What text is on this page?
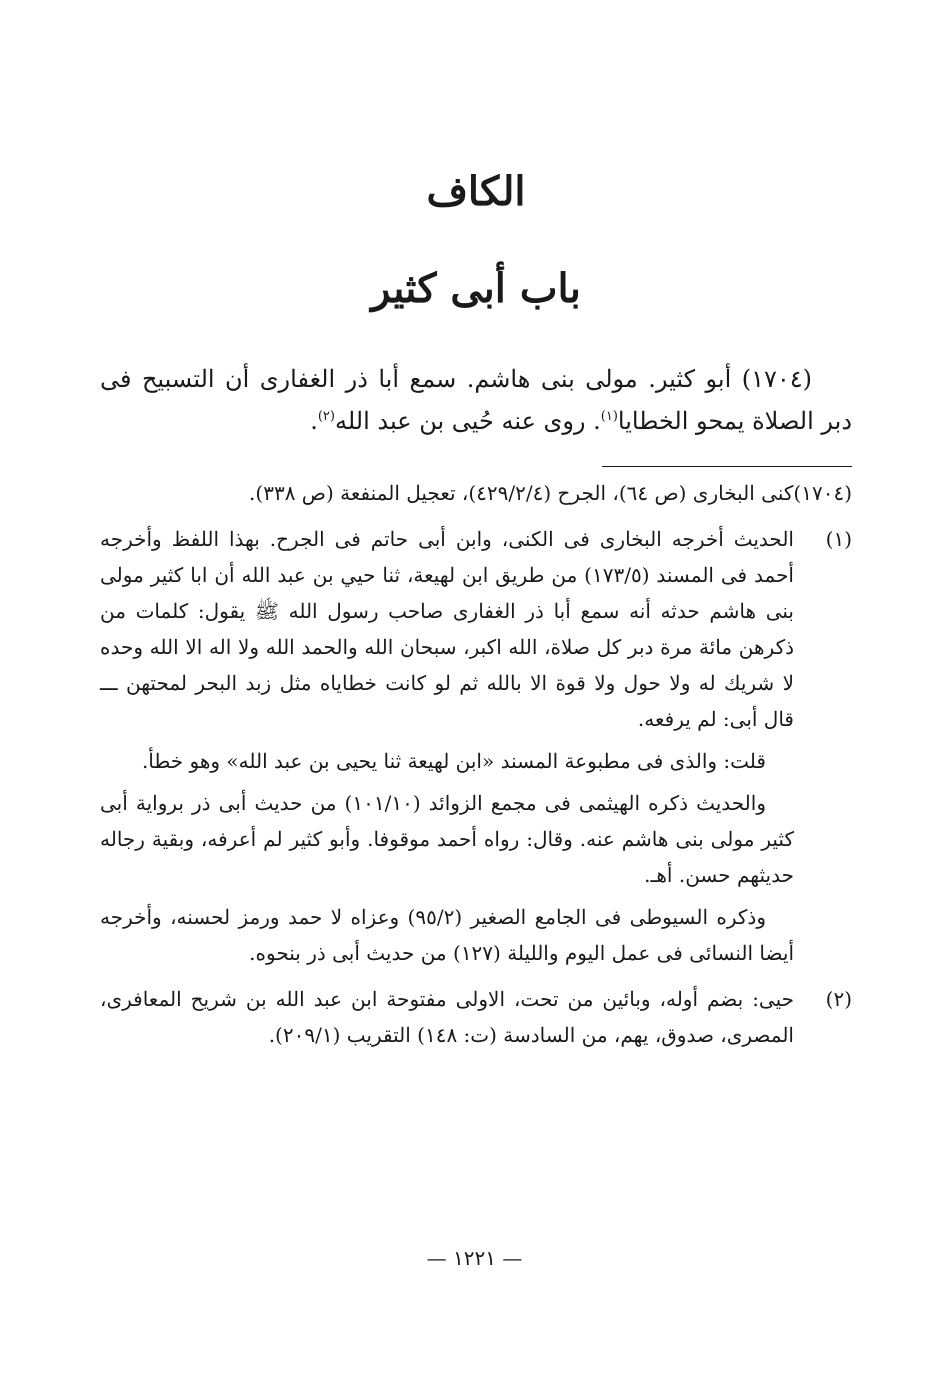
الكاف
باب أبى كثير

(١٧٠٤) أبو كثير. مولى بنى هاشم. سمع أبا ذر الغفارى أن التسبيح فى دبر الصلاة يمحو الخطايا$^{(١)}$. روى عنه حُيى بن عبد الله$^{(٢)}$.

(١٧٠٤)

كنى البخارى (ص ٦٤)، الجرح (٤٢٩/٢/٤)، تعجيل المنفعة (ص ٣٣٨).

(١)

الحديث أخرجه البخارى فى الكنى، وابن أبى حاتم فى الجرح. بهذا اللفظ وأخرجه أحمد فى المسند (١٧٣/٥) من طريق ابن لهيعة، ثنا حيي بن عبد الله أن ابا كثير مولى بنى هاشم حدثه أنه سمع أبا ذر الغفارى صاحب رسول الله ﷺ يقول: كلمات من ذكرهن مائة مرة دبر كل صلاة، الله اكبر، سبحان الله والحمد الله ولا اله الا الله وحده لا شريك له ولا حول ولا قوة الا بالله ثم لو كانت خطاياه مثل زبد البحر لمحتهن ـــ قال أبى: لم يرفعه.

قلت: والذى فى مطبوعة المسند «ابن لهيعة ثنا يحيى بن عبد الله» وهو خطأ.

والحديث ذكره الهيثمى فى مجمع الزوائد (١٠١/١٠) من حديث أبى ذر برواية أبى كثير مولى بنى هاشم عنه. وقال: رواه أحمد موقوفا. وأبو كثير لم أعرفه، وبقية رجاله حديثهم حسن. أهـ.

وذكره السيوطى فى الجامع الصغير (٩٥/٢) وعزاه لا حمد ورمز لحسنه، وأخرجه أيضا النسائى فى عمل اليوم والليلة (١٢٧) من حديث أبى ذر بنحوه.

(٢)

حيى: بضم أوله، وبائين من تحت، الاولى مفتوحة ابن عبد الله بن شريح المعافرى، المصرى، صدوق، يهم، من السادسة (ت: ١٤٨) التقريب (٢٠٩/١).

— ١٢٢١ —
